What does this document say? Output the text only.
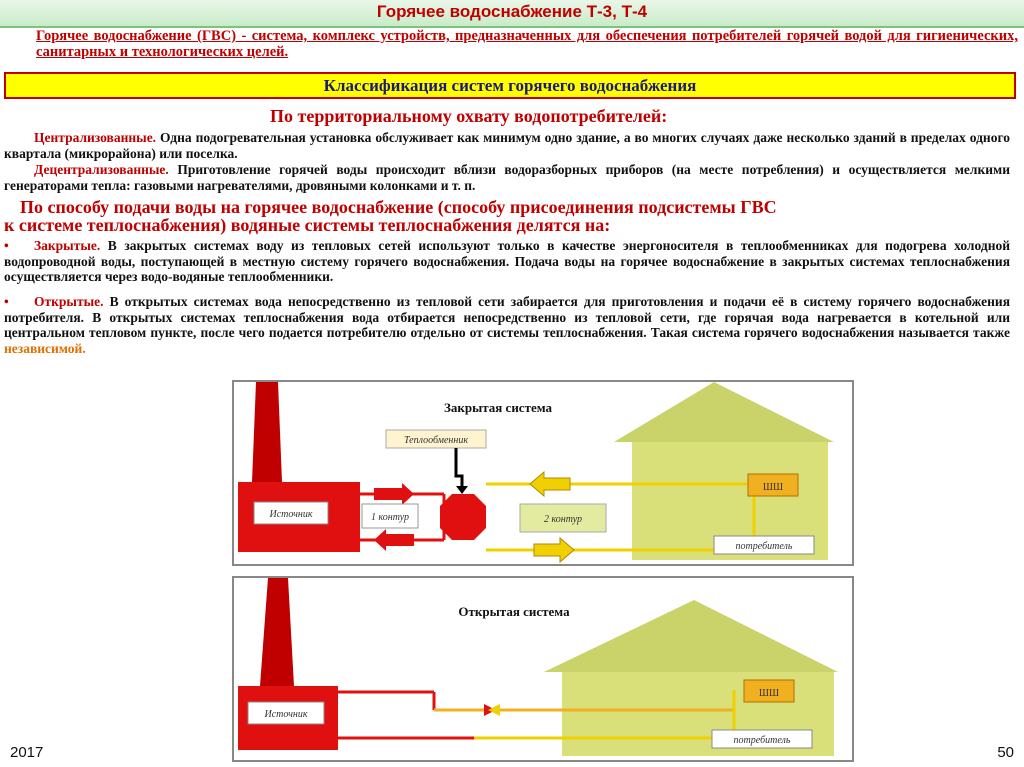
Горячее водоснабжение Т-3, Т-4
Горячее водоснабжение (ГВС) - система, комплекс устройств, предназначенных для обеспечения потребителей горячей водой для гигиенических, санитарных и технологических целей.
Классификация систем горячего водоснабжения
По территориальному охвату водопотребителей:
Централизованные. Одна подогревательная установка обслуживает как минимум одно здание, а во многих случаях даже несколько зданий в пределах одного квартала (микрорайона) или поселка.
Децентрализованные. Приготовление горячей воды происходит вблизи водоразборных приборов (на месте потребления) и осуществляется мелкими генераторами тепла: газовыми нагревателями, дровяными колонками и т. п.
По способу подачи воды на горячее водоснабжение (способу присоединения подсистемы ГВС
к системе теплоснабжения) водяные системы теплоснабжения делятся на:
• Закрытые. В закрытых системах воду из тепловых сетей используют только в качестве энергоносителя в теплообменниках для подогрева холодной водопроводной воды, поступающей в местную систему горячего водоснабжения. Подача воды на горячее водоснабжение в закрытых системах теплоснабжения осуществляется через водо-водяные теплообменники.
• Открытые. В открытых системах вода непосредственно из тепловой сети забирается для приготовления и подачи её в систему горячего водоснабжения потребителя. В открытых системах теплоснабжения вода отбирается непосредственно из тепловой сети, где горячая вода нагревается в котельной или центральном тепловом пункте, после чего подается потребителю отдельно от системы теплоснабжения. Такая система горячего водоснабжения называется также независимой.
Источник	1 контур
Теплообменник
Закрытая система
2 контур
ШШ
потребитель
Источник
Открытая система
ШШ
потребитель
2017	50
